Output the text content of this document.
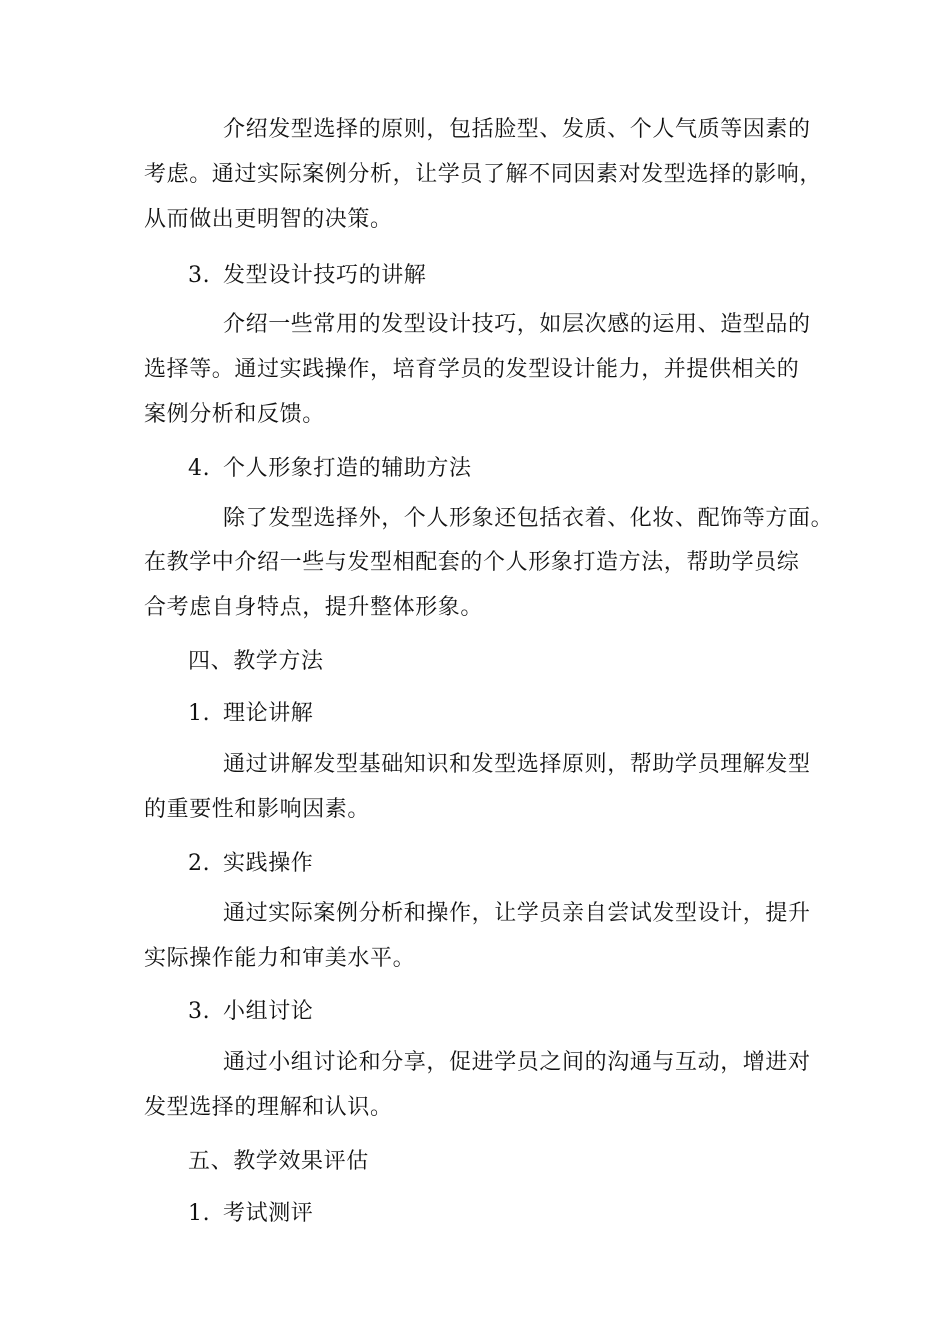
介绍发型选择的原则，包括脸型、发质、个人气质等因素的
考虑。通过实际案例分析，让学员了解不同因素对发型选择的影响，
从而做出更明智的决策。
3. 发型设计技巧的讲解
介绍一些常用的发型设计技巧，如层次感的运用、造型品的
选择等。通过实践操作，培育学员的发型设计能力，并提供相关的
案例分析和反馈。
4. 个人形象打造的辅助方法
除了发型选择外，个人形象还包括衣着、化妆、配饰等方面。
在教学中介绍一些与发型相配套的个人形象打造方法，帮助学员综
合考虑自身特点，提升整体形象。
四、教学方法
1. 理论讲解
通过讲解发型基础知识和发型选择原则，帮助学员理解发型
的重要性和影响因素。
2. 实践操作
通过实际案例分析和操作，让学员亲自尝试发型设计，提升
实际操作能力和审美水平。
3. 小组讨论
通过小组讨论和分享，促进学员之间的沟通与互动，增进对
发型选择的理解和认识。
五、教学效果评估
1. 考试测评
